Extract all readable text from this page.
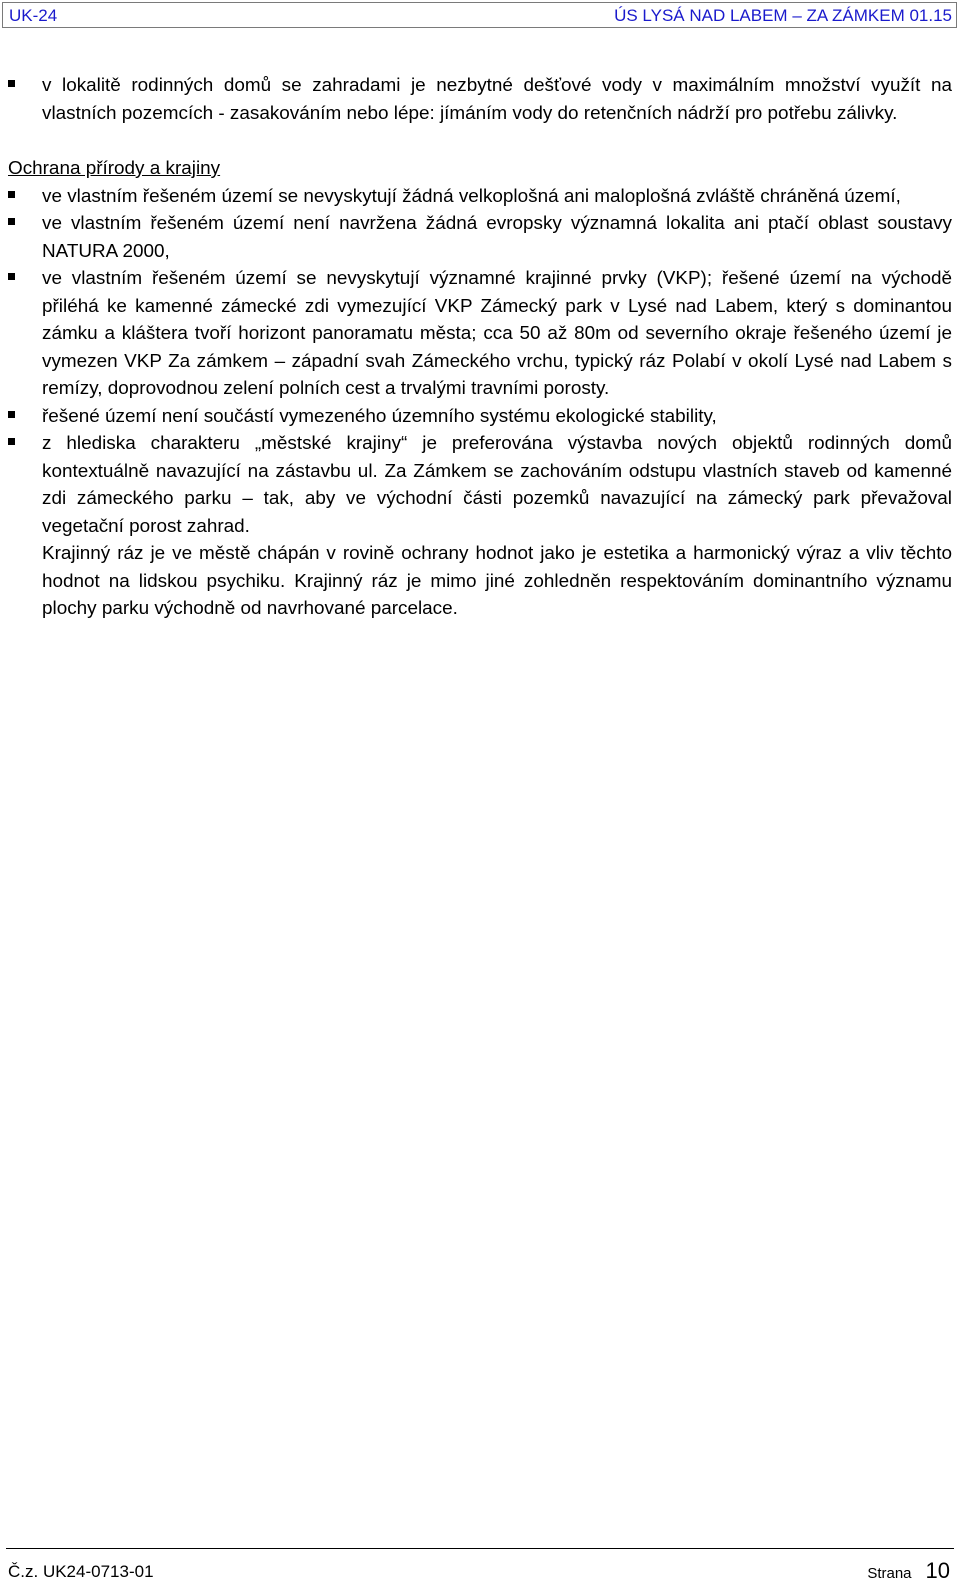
UK-24	ÚS LYSÁ NAD LABEM – ZA ZÁMKEM 01.15
v lokalitě rodinných domů se zahradami je nezbytné dešťové vody v maximálním množství využít na vlastních pozemcích - zasakováním nebo lépe: jímáním vody do retenčních nádrží pro potřebu zálivky.
Ochrana přírody a krajiny
ve vlastním řešeném území se nevyskytují žádná velkoplošná ani maloplošná zvláště chráněná území,
ve vlastním řešeném území není navržena žádná evropsky významná lokalita ani ptačí oblast soustavy NATURA 2000,
ve vlastním řešeném území se nevyskytují významné krajinné prvky (VKP); řešené území na východě přiléhá ke kamenné zámecké zdi vymezující VKP Zámecký park v Lysé nad Labem, který s dominantou zámku a kláštera tvoří horizont panoramatu města; cca 50 až 80m od severního okraje řešeného území je vymezen VKP Za zámkem – západní svah Zámeckého vrchu, typický ráz Polabí v okolí Lysé nad Labem s remízy, doprovodnou zelení polních cest a trvalými travními porosty.
řešené území není součástí vymezeného územního systému ekologické stability,
z hlediska charakteru „městské krajiny“ je preferována výstavba nových objektů rodinných domů kontextuálně navazující na zástavbu ul. Za Zámkem se zachováním odstupu vlastních staveb od kamenné zdi zámeckého parku – tak, aby ve východní části pozemků navazující na zámecký park převažoval vegetační porost zahrad.
Krajinný ráz je ve městě chápán v rovině ochrany hodnot jako je estetika a harmonický výraz a vliv těchto hodnot na lidskou psychiku. Krajinný ráz je mimo jiné zohledněn respektováním dominantního významu plochy parku východně od navrhované parcelace.
Č.z. UK24-0713-01	Strana 10
